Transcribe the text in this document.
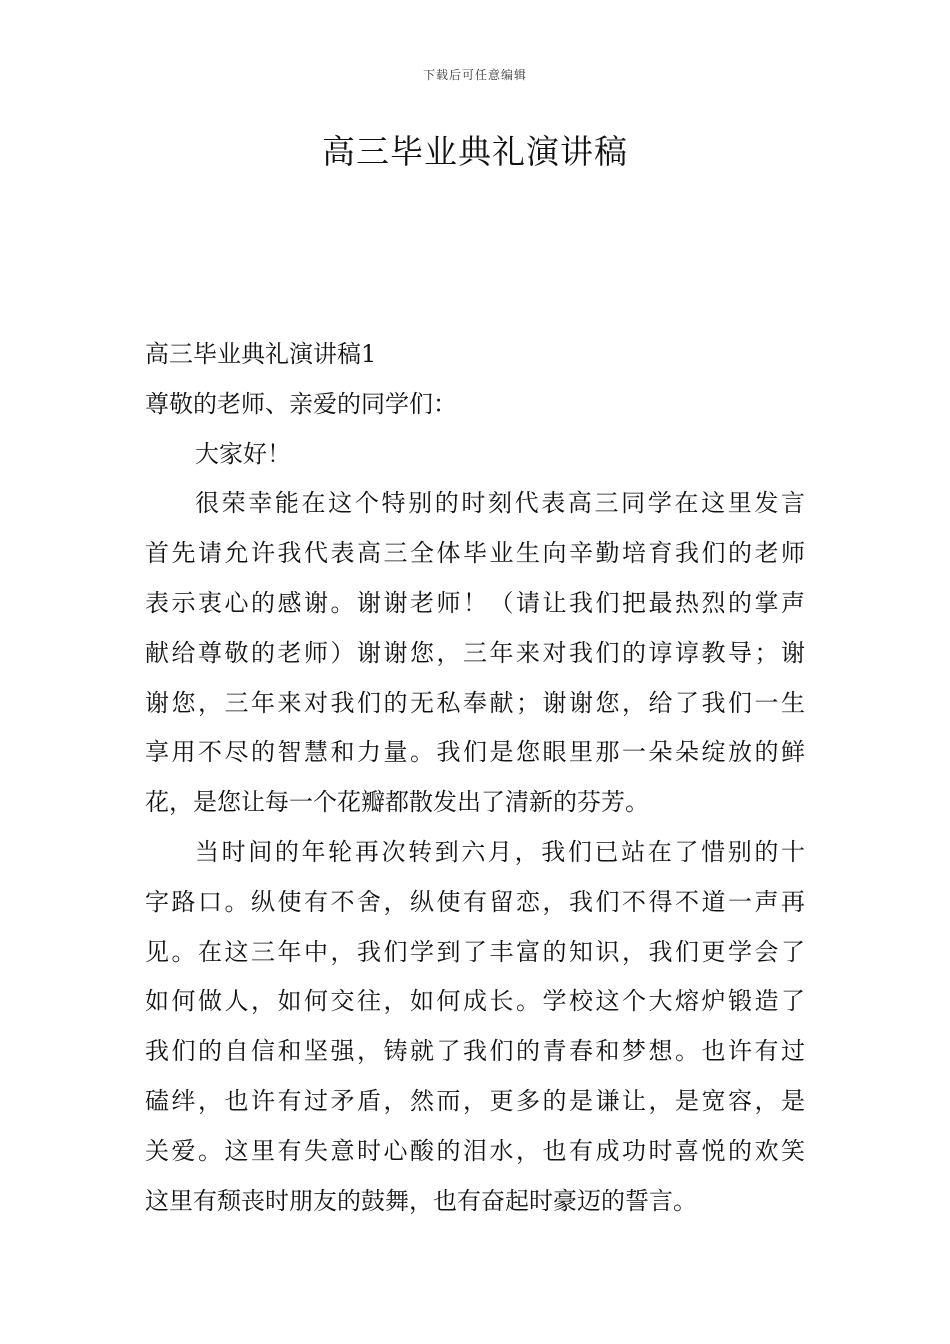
下载后可任意编辑
高三毕业典礼演讲稿

高三毕业典礼演讲稿1

尊敬的老师、亲爱的同学们：

大家好！

很荣幸能在这个特别的时刻代表高三同学在这里发言

首先请允许我代表高三全体毕业生向辛勤培育我们的老师

表示衷心的感谢。谢谢老师！（请让我们把最热烈的掌声

献给尊敬的老师）谢谢您，三年来对我们的谆谆教导；谢

谢您，三年来对我们的无私奉献；谢谢您，给了我们一生

享用不尽的智慧和力量。我们是您眼里那一朵朵绽放的鲜

花，是您让每一个花瓣都散发出了清新的芬芳。

当时间的年轮再次转到六月，我们已站在了惜别的十

字路口。纵使有不舍，纵使有留恋，我们不得不道一声再

见。在这三年中，我们学到了丰富的知识，我们更学会了

如何做人，如何交往，如何成长。学校这个大熔炉锻造了

我们的自信和坚强，铸就了我们的青春和梦想。也许有过

磕绊，也许有过矛盾，然而，更多的是谦让，是宽容，是

关爱。这里有失意时心酸的泪水，也有成功时喜悦的欢笑

这里有颓丧时朋友的鼓舞，也有奋起时豪迈的誓言。
